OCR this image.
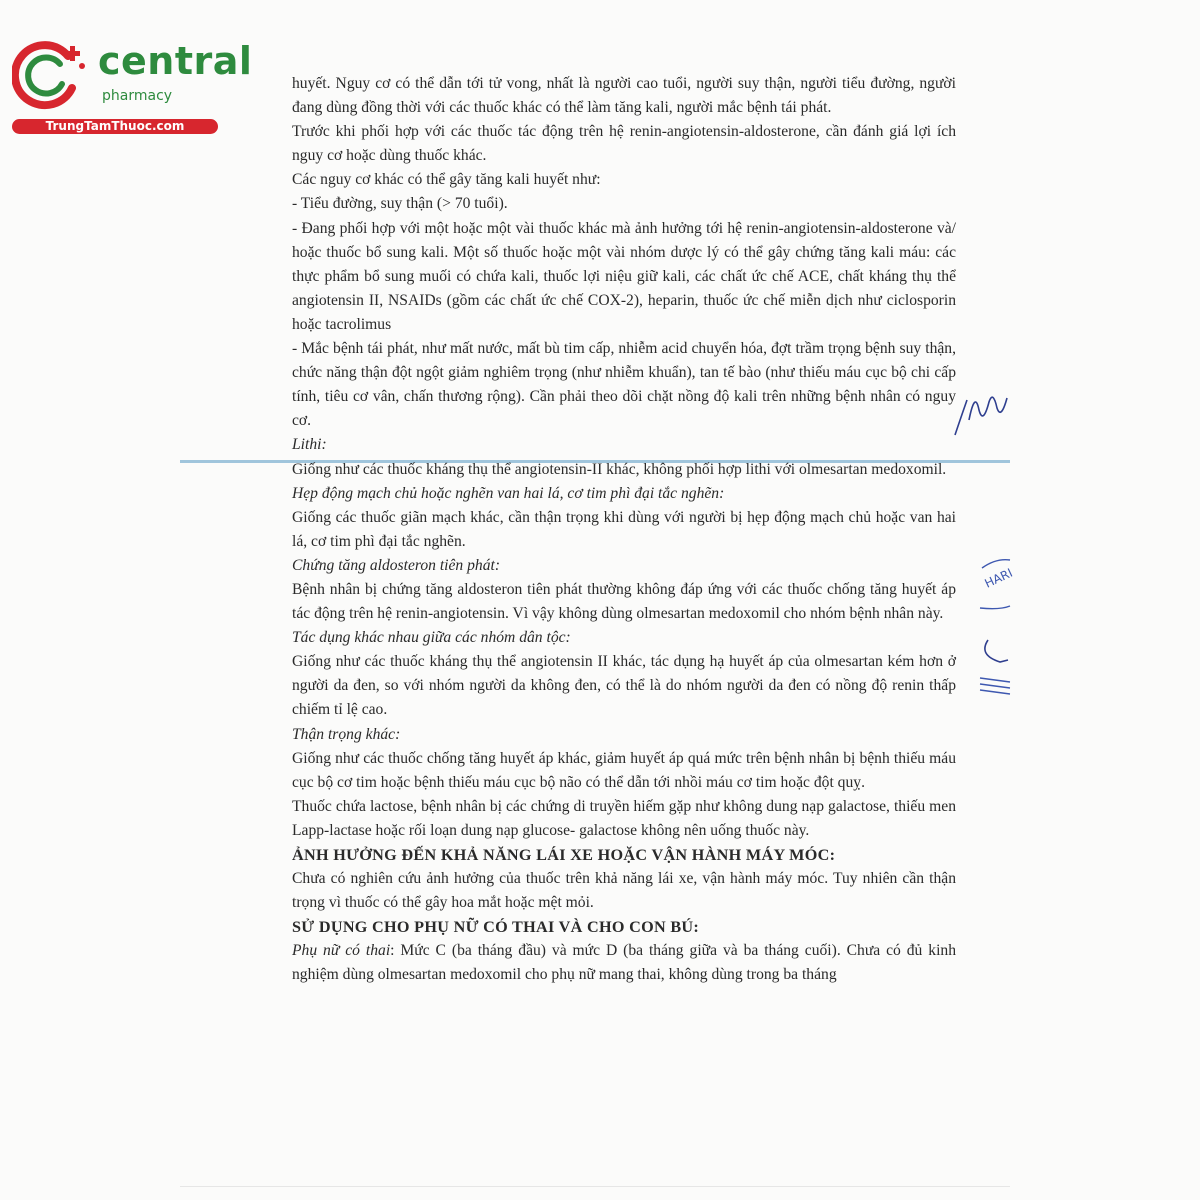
central
pharmacy
TrungTamThuoc.com
HARI

huyết. Nguy cơ có thể dẫn tới tử vong, nhất là người cao tuổi, người suy thận, người tiểu đường, người đang dùng đồng thời với các thuốc khác có thể làm tăng kali, người mắc bệnh tái phát.

Trước khi phối hợp với các thuốc tác động trên hệ renin-angiotensin-aldosterone, cần đánh giá lợi ích nguy cơ hoặc dùng thuốc khác.

Các nguy cơ khác có thể gây tăng kali huyết như:

- Tiểu đường, suy thận (> 70 tuổi).

- Đang phối hợp với một hoặc một vài thuốc khác mà ảnh hưởng tới hệ renin-angiotensin-aldosterone và/ hoặc thuốc bổ sung kali. Một số thuốc hoặc một vài nhóm dược lý có thể gây chứng tăng kali máu: các thực phẩm bổ sung muối có chứa kali, thuốc lợi niệu giữ kali, các chất ức chế ACE, chất kháng thụ thể angiotensin II, NSAIDs (gồm các chất ức chế COX-2), heparin, thuốc ức chế miễn dịch như ciclosporin hoặc tacrolimus

- Mắc bệnh tái phát, như mất nước, mất bù tim cấp, nhiễm acid chuyển hóa, đợt trầm trọng bệnh suy thận, chức năng thận đột ngột giảm nghiêm trọng (như nhiễm khuẩn), tan tế bào (như thiếu máu cục bộ chi cấp tính, tiêu cơ vân, chấn thương rộng). Cần phải theo dõi chặt nồng độ kali trên những bệnh nhân có nguy cơ.

Lithi:

Giống như các thuốc kháng thụ thể angiotensin-II khác, không phối hợp lithi với olmesartan medoxomil.

Hẹp động mạch chủ hoặc nghẽn van hai lá, cơ tim phì đại tắc nghẽn:

Giống các thuốc giãn mạch khác, cần thận trọng khi dùng với người bị hẹp động mạch chủ hoặc van hai lá, cơ tim phì đại tắc nghẽn.

Chứng tăng aldosteron tiên phát:

Bệnh nhân bị chứng tăng aldosteron tiên phát thường không đáp ứng với các thuốc chống tăng huyết áp tác động trên hệ renin-angiotensin. Vì vậy không dùng olmesartan medoxomil cho nhóm bệnh nhân này.

Tác dụng khác nhau giữa các nhóm dân tộc:

Giống như các thuốc kháng thụ thể angiotensin II khác, tác dụng hạ huyết áp của olmesartan kém hơn ở người da đen, so với nhóm người da không đen, có thể là do nhóm người da đen có nồng độ renin thấp chiếm tỉ lệ cao.

Thận trọng khác:

Giống như các thuốc chống tăng huyết áp khác, giảm huyết áp quá mức trên bệnh nhân bị bệnh thiếu máu cục bộ cơ tim hoặc bệnh thiếu máu cục bộ não có thể dẫn tới nhồi máu cơ tim hoặc đột quỵ.

Thuốc chứa lactose, bệnh nhân bị các chứng di truyền hiếm gặp như không dung nạp galactose, thiếu men Lapp-lactase hoặc rối loạn dung nạp glucose- galactose không nên uống thuốc này.

ẢNH HƯỞNG ĐẾN KHẢ NĂNG LÁI XE HOẶC VẬN HÀNH MÁY MÓC:

Chưa có nghiên cứu ảnh hưởng của thuốc trên khả năng lái xe, vận hành máy móc. Tuy nhiên cần thận trọng vì thuốc có thể gây hoa mắt hoặc mệt mỏi.

SỬ DỤNG CHO PHỤ NỮ CÓ THAI VÀ CHO CON BÚ:

Phụ nữ có thai: Mức C (ba tháng đầu) và mức D (ba tháng giữa và ba tháng cuối). Chưa có đủ kinh nghiệm dùng olmesartan medoxomil cho phụ nữ mang thai, không dùng trong ba tháng
